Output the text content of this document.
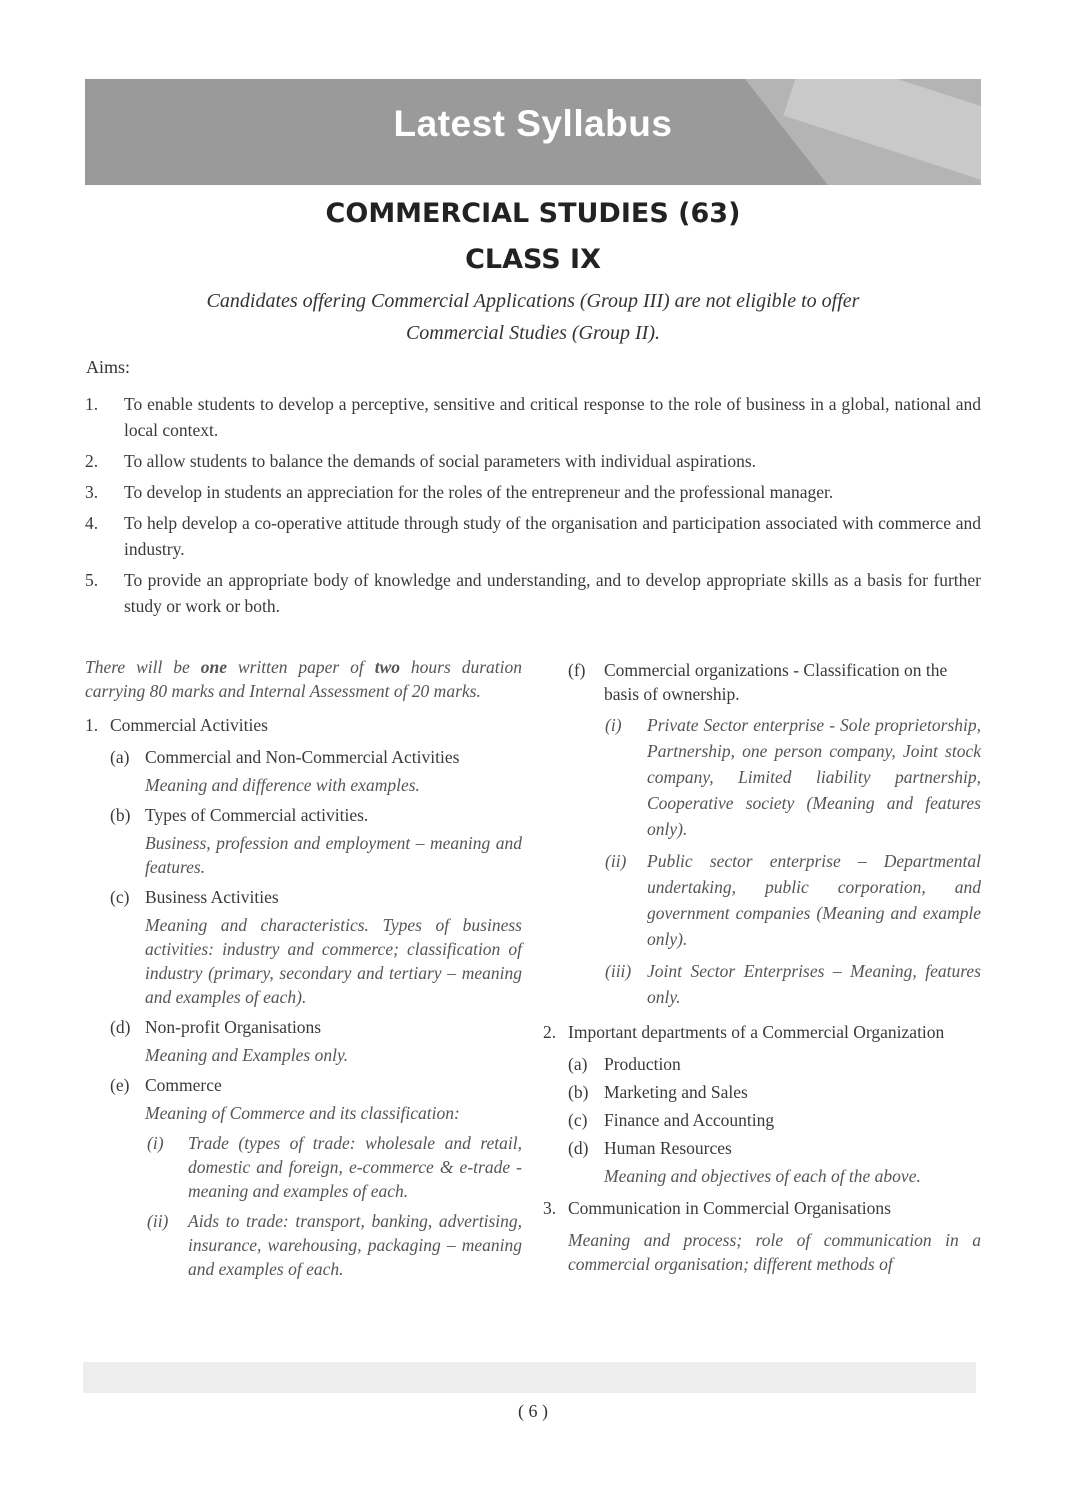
Latest Syllabus
COMMERCIAL STUDIES (63)
CLASS IX
Candidates offering Commercial Applications (Group III) are not eligible to offer
Commercial Studies (Group II).
Aims:
1. To enable students to develop a perceptive, sensitive and critical response to the role of business in a global, national and local context.
2. To allow students to balance the demands of social parameters with individual aspirations.
3. To develop in students an appreciation for the roles of the entrepreneur and the professional manager.
4. To help develop a co-operative attitude through study of the organisation and participation associated with commerce and industry.
5. To provide an appropriate body of knowledge and understanding, and to develop appropriate skills as a basis for further study or work or both.
There will be one written paper of two hours duration carrying 80 marks and Internal Assessment of 20 marks.
1. Commercial Activities
(a) Commercial and Non-Commercial Activities
Meaning and difference with examples.
(b) Types of Commercial activities.
Business, profession and employment – meaning and features.
(c) Business Activities
Meaning and characteristics. Types of business activities: industry and commerce; classification of industry (primary, secondary and tertiary – meaning and examples of each).
(d) Non-profit Organisations
Meaning and Examples only.
(e) Commerce
Meaning of Commerce and its classification:
(i) Trade (types of trade: wholesale and retail, domestic and foreign, e-commerce & e-trade - meaning and examples of each.
(ii) Aids to trade: transport, banking, advertising, insurance, warehousing, packaging – meaning and examples of each.
(f) Commercial organizations - Classification on the basis of ownership.
(i) Private Sector enterprise - Sole proprietorship, Partnership, one person company, Joint stock company, Limited liability partnership, Cooperative society (Meaning and features only).
(ii) Public sector enterprise – Departmental undertaking, public corporation, and government companies (Meaning and example only).
(iii) Joint Sector Enterprises – Meaning, features only.
2. Important departments of a Commercial Organization
(a) Production
(b) Marketing and Sales
(c) Finance and Accounting
(d) Human Resources
Meaning and objectives of each of the above.
3. Communication in Commercial Organisations
Meaning and process; role of communication in a commercial organisation; different methods of
( 6 )
